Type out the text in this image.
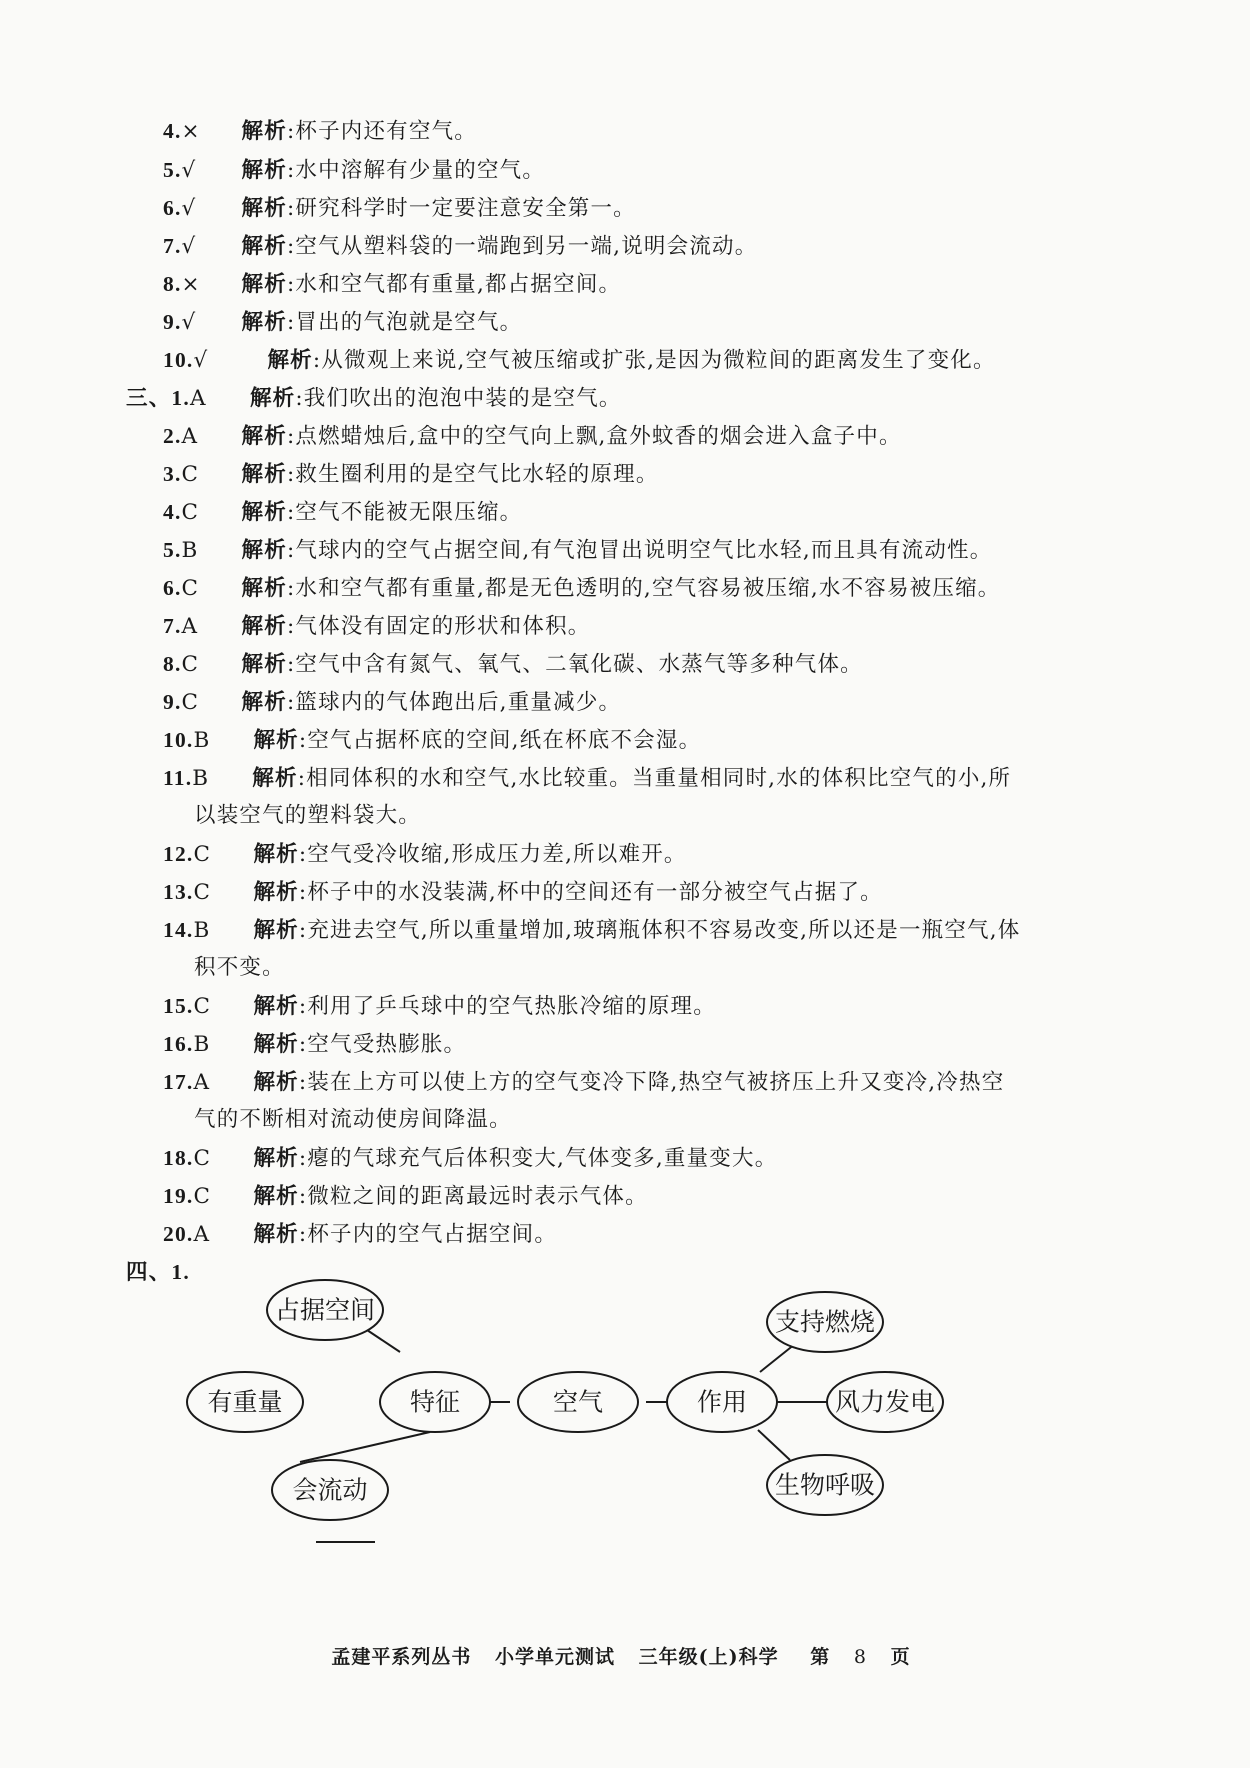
4.× 解析:杯子内还有空气。
5.√ 解析:水中溶解有少量的空气。
6.√ 解析:研究科学时一定要注意安全第一。
7.√ 解析:空气从塑料袋的一端跑到另一端,说明会流动。
8.× 解析:水和空气都有重量,都占据空间。
9.√ 解析:冒出的气泡就是空气。
10.√	解析:从微观上来说,空气被压缩或扩张,是因为微粒间的距离发生了变化。
三、1.A 解析:我们吹出的泡泡中装的是空气。
2.A 解析:点燃蜡烛后,盒中的空气向上飘,盒外蚊香的烟会进入盒子中。
3.C 解析:救生圈利用的是空气比水轻的原理。
4.C 解析:空气不能被无限压缩。
5.B 解析:气球内的空气占据空间,有气泡冒出说明空气比水轻,而且具有流动性。
6.C 解析:水和空气都有重量,都是无色透明的,空气容易被压缩,水不容易被压缩。
7.A 解析:气体没有固定的形状和体积。
8.C 解析:空气中含有氮气、氧气、二氧化碳、水蒸气等多种气体。
9.C 解析:篮球内的气体跑出后,重量减少。
10.B 解析:空气占据杯底的空间,纸在杯底不会湿。
11.B 解析:相同体积的水和空气,水比较重。当重量相同时,水的体积比空气的小,所
以装空气的塑料袋大。
12.C 解析:空气受冷收缩,形成压力差,所以难开。
13.C 解析:杯子中的水没装满,杯中的空间还有一部分被空气占据了。
14.B 解析:充进去空气,所以重量增加,玻璃瓶体积不容易改变,所以还是一瓶空气,体
积不变。
15.C 解析:利用了乒乓球中的空气热胀冷缩的原理。
16.B 解析:空气受热膨胀。
17.A 解析:装在上方可以使上方的空气变冷下降,热空气被挤压上升又变冷,冷热空
气的不断相对流动使房间降温。
18.C 解析:瘪的气球充气后体积变大,气体变多,重量变大。
19.C 解析:微粒之间的距离最远时表示气体。
20.A 解析:杯子内的空气占据空间。
四、1.
占据空间
有重量
会流动
特征	空气	作用
支持燃烧
风力发电
生物呼吸
孟建平系列丛书 小学单元测试 三年级(上)科学 第 8 页
